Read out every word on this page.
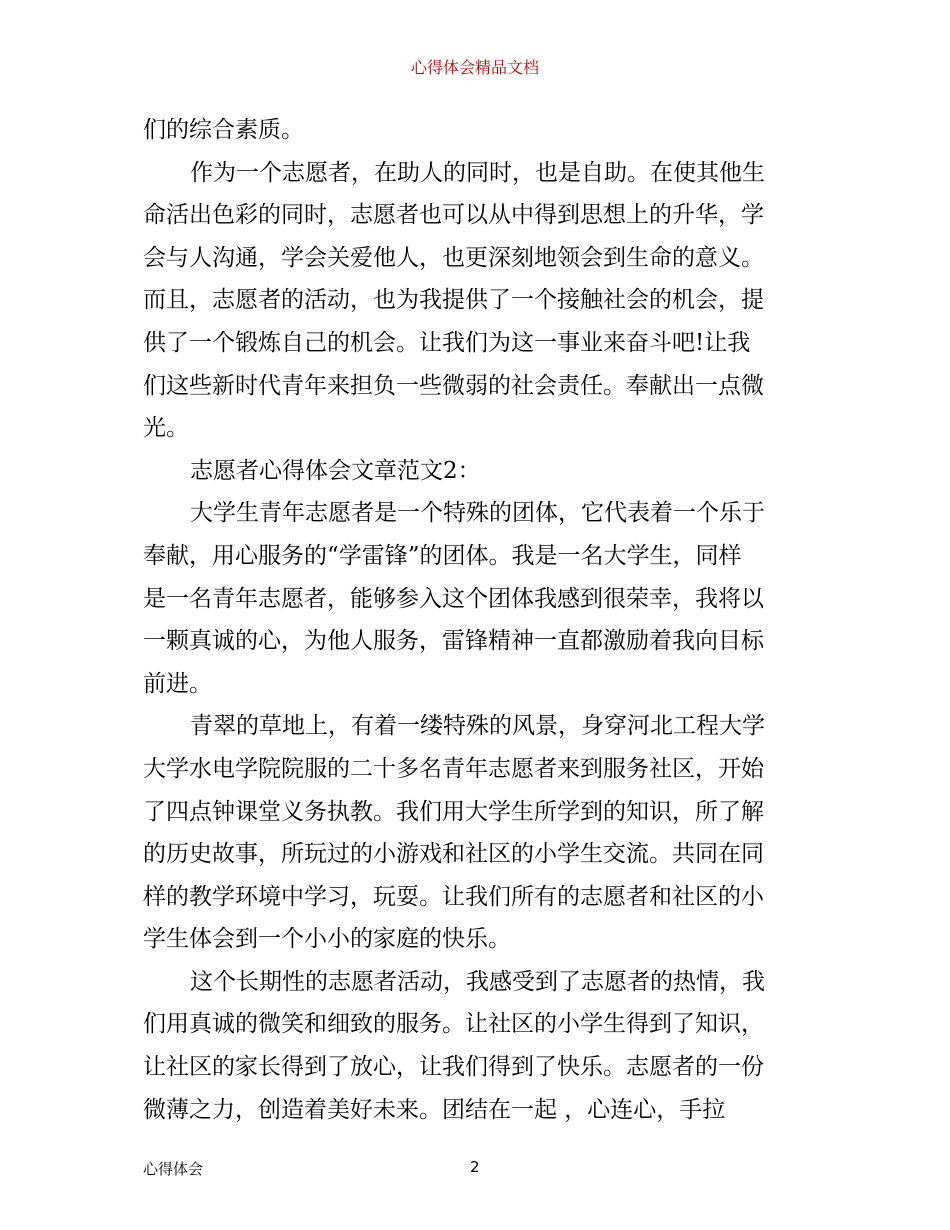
心得体会精品文档
们的综合素质。
作为一个志愿者，在助人的同时，也是自助。在使其他生
命活出色彩的同时，志愿者也可以从中得到思想上的升华，学
会与人沟通，学会关爱他人，也更深刻地领会到生命的意义。
而且，志愿者的活动，也为我提供了一个接触社会的机会，提
供了一个锻炼自己的机会。让我们为这一事业来奋斗吧!让我
们这些新时代青年来担负一些微弱的社会责任。奉献出一点微
光。
志愿者心得体会文章范文2：
大学生青年志愿者是一个特殊的团体，它代表着一个乐于
奉献，用心服务的“学雷锋”的团体。我是一名大学生，同样
是一名青年志愿者，能够参入这个团体我感到很荣幸，我将以
一颗真诚的心，为他人服务，雷锋精神一直都激励着我向目标
前进。
青翠的草地上，有着一缕特殊的风景，身穿河北工程大学
大学水电学院院服的二十多名青年志愿者来到服务社区，开始
了四点钟课堂义务执教。我们用大学生所学到的知识，所了解
的历史故事，所玩过的小游戏和社区的小学生交流。共同在同
样的教学环境中学习，玩耍。让我们所有的志愿者和社区的小
学生体会到一个小小的家庭的快乐。
这个长期性的志愿者活动，我感受到了志愿者的热情，我
们用真诚的微笑和细致的服务。让社区的小学生得到了知识，
让社区的家长得到了放心，让我们得到了快乐。志愿者的一份
微薄之力，创造着美好未来。团结在一起 ，心连心，手拉
心得体会	2
